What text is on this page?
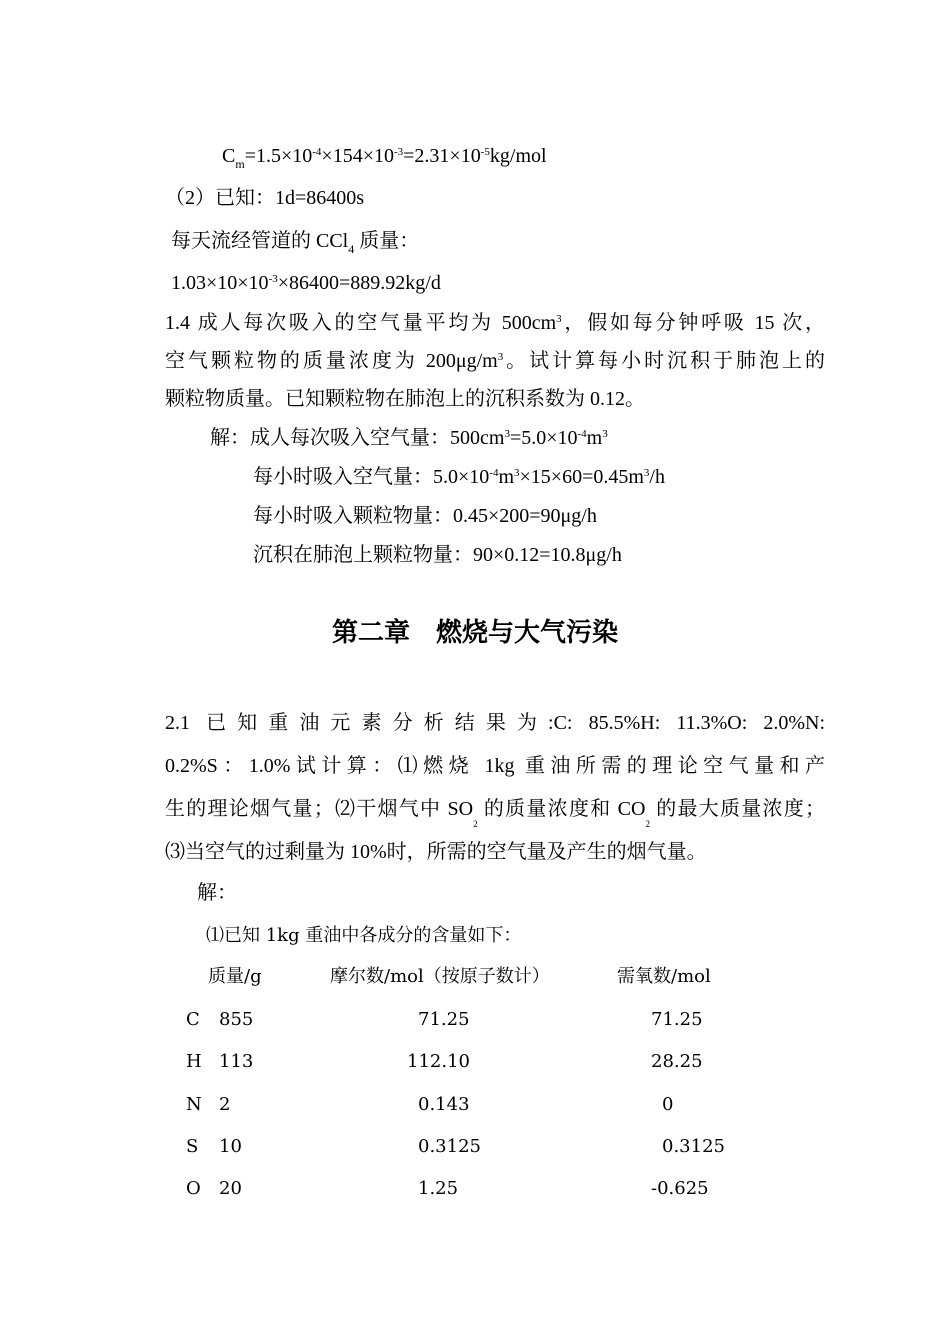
$C_m=1.5\times 10^{-4}\times 154\times 10^{-3}=2.31\times 10^{-5}kg$/mol
（2）已知：1d=86400s
每天流经管道的 CCl$_4$ 质量：
$1.03\times 10\times 10^{-3}\times 86400=889.92kg/d$
1.4 成人每次吸入的空气量平均为 $500cm^3$，假如每分钟呼吸 15 次，
空气颗粒物的质量浓度为 $200\mu g/m^3$。试计算每小时沉积于肺泡上的
颗粒物质量。已知颗粒物在肺泡上的沉积系数为 0.12。
解：成人每次吸入空气量：$500cm^3=5.0\times 10^{-4}m^3$
每小时吸入空气量：$5.0\times 10^{-4}m^3\times 15\times 60=0.45m^3/h$
每小时吸入颗粒物量：0.45×200=90μg/h
沉积在肺泡上颗粒物量：90×0.12=10.8μg/h
第二章 燃烧与大气污染
2.1 已知重油元素分析结果为:C: 85.5%H: 11.3%O: 2.0%N:
0.2%S：1.0%试计算：⑴燃烧 1kg 重油所需的理论空气量和产
生的理论烟气量；⑵干烟气中 $SO_2$ 的质量浓度和 $CO_2$ 的最大质量浓度；
⑶当空气的过剩量为 10%时，所需的空气量及产生的烟气量。
解：
⑴已知 1kg 重油中各成分的含量如下：
质量/g	摩尔数/mol（按原子数计）	需氧数/mol
C 855	71.25	71.25
H 113	112.10	28.25
N 2	0.143	0
S 10	0.3125	0.3125
O 20	1.25	-0.625
